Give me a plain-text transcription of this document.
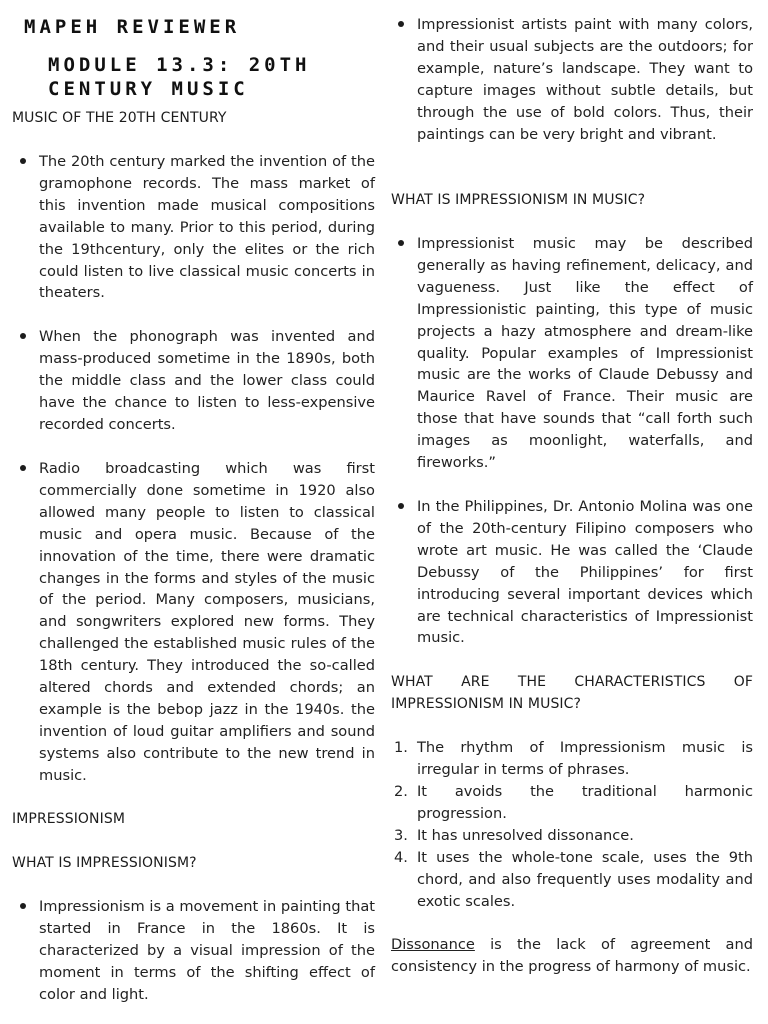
MAPEH REVIEWER
MODULE 13.3: 20TH CENTURY MUSIC
MUSIC OF THE 20TH CENTURY
The 20th century marked the invention of the gramophone records. The mass market of this invention made musical compositions available to many. Prior to this period, during the 19thcentury, only the elites or the rich could listen to live classical music concerts in theaters.
When the phonograph was invented and mass-produced sometime in the 1890s, both the middle class and the lower class could have the chance to listen to less-expensive recorded concerts.
Radio broadcasting which was first commercially done sometime in 1920 also allowed many people to listen to classical music and opera music. Because of the innovation of the time, there were dramatic changes in the forms and styles of the music of the period. Many composers, musicians, and songwriters explored new forms. They challenged the established music rules of the 18th century. They introduced the so-called altered chords and extended chords; an example is the bebop jazz in the 1940s. the invention of loud guitar amplifiers and sound systems also contribute to the new trend in music.
IMPRESSIONISM
WHAT IS IMPRESSIONISM?
Impressionism is a movement in painting that started in France in the 1860s. It is characterized by a visual impression of the moment in terms of the shifting effect of color and light.
Impressionist artists paint with many colors, and their usual subjects are the outdoors; for example, nature’s landscape. They want to capture images without subtle details, but through the use of bold colors. Thus, their paintings can be very bright and vibrant.
WHAT IS IMPRESSIONISM IN MUSIC?
Impressionist music may be described generally as having refinement, delicacy, and vagueness. Just like the effect of Impressionistic painting, this type of music projects a hazy atmosphere and dream-like quality. Popular examples of Impressionist music are the works of Claude Debussy and Maurice Ravel of France. Their music are those that have sounds that “call forth such images as moonlight, waterfalls, and fireworks.”
In the Philippines, Dr. Antonio Molina was one of the 20th-century Filipino composers who wrote art music. He was called the ‘Claude Debussy of the Philippines’ for first introducing several important devices which are technical characteristics of Impressionist music.
WHAT ARE THE CHARACTERISTICS OF IMPRESSIONISM IN MUSIC?
1. The rhythm of Impressionism music is irregular in terms of phrases.
2. It avoids the traditional harmonic progression.
3. It has unresolved dissonance.
4. It uses the whole-tone scale, uses the 9th chord, and also frequently uses modality and exotic scales.
Dissonance is the lack of agreement and consistency in the progress of harmony of music.
